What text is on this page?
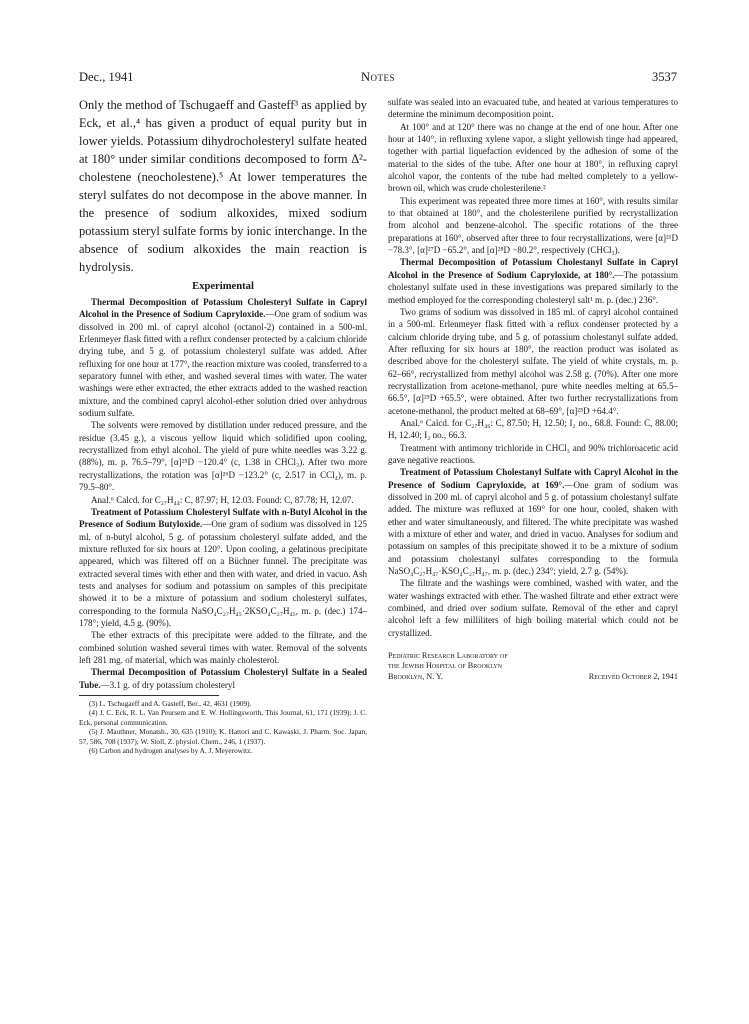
Dec., 1941	Notes	3537

Only the method of Tschugaeff and Gasteff³ as applied by Eck, et al.,⁴ has given a product of equal purity but in lower yields. Potassium dihydrocholesteryl sulfate heated at 180° under similar conditions decomposed to form Δ²-cholestene (neocholestene).⁵ At lower temperatures the steryl sulfates do not decompose in the above manner. In the presence of sodium alkoxides, mixed sodium potassium steryl sulfate forms by ionic interchange. In the absence of sodium alkoxides the main reaction is hydrolysis.

Experimental

Thermal Decomposition of Potassium Cholesteryl Sulfate in Capryl Alcohol in the Presence of Sodium Capryloxide.—One gram of sodium was dissolved in 200 ml. of capryl alcohol (octanol-2) contained in a 500-ml. Erlenmeyer flask fitted with a reflux condenser protected by a calcium chloride drying tube, and 5 g. of potassium cholesteryl sulfate was added. After refluxing for one hour at 177°, the reaction mixture was cooled, transferred to a separatory funnel with ether, and washed several times with water. The water washings were ether extracted, the ether extracts added to the washed reaction mixture, and the combined capryl alcohol-ether solution dried over anhydrous sodium sulfate.

The solvents were removed by distillation under reduced pressure, and the residue (3.45 g.), a viscous yellow liquid which solidified upon cooling, recrystallized from ethyl alcohol. The yield of pure white needles was 3.22 g. (88%), m. p. 76.5–79°, [α]²⁵D −120.4° (c, 1.38 in CHCl₃). After two more recrystallizations, the rotation was [α]²⁶D −123.2° (c, 2.517 in CCl₄), m. p. 79.5–80°.

Anal.⁶ Calcd. for C₂₇H₄₄: C, 87.97; H, 12.03. Found: C, 87.78; H, 12.07.

Treatment of Potassium Cholesteryl Sulfate with n-Butyl Alcohol in the Presence of Sodium Butyloxide.—One gram of sodium was dissolved in 125 ml. of n-butyl alcohol, 5 g. of potassium cholesteryl sulfate added, and the mixture refluxed for six hours at 120°. Upon cooling, a gelatinous precipitate appeared, which was filtered off on a Büchner funnel. The precipitate was extracted several times with ether and then with water, and dried in vacuo. Ash tests and analyses for sodium and potassium on samples of this precipitate showed it to be a mixture of potassium and sodium cholesteryl sulfates, corresponding to the formula NaSO₄C₂₇H₄₅·2KSO₄C₂₇H₄₅, m. p. (dec.) 174–178°; yield, 4.5 g. (90%).

The ether extracts of this precipitate were added to the filtrate, and the combined solution washed several times with water. Removal of the solvents left 281 mg. of material, which was mainly cholesterol.

Thermal Decomposition of Potassium Cholesteryl Sulfate in a Sealed Tube.—3.1 g. of dry potassium cholesteryl

(3) L. Tschugaeff and A. Gasteff, Ber., 42, 4631 (1909).
(4) J. C. Eck, R. L. Van Peursem and E. W. Hollingsworth, This Journal, 61, 171 (1939); J. C. Eck, personal communication.
(5) J. Mauthner, Monatsh., 30, 635 (1910); K. Hattori and C. Kawaski, J. Pharm. Soc. Japan, 57, 586, 708 (1937); W. Stoll, Z. physiol. Chem., 246, 1 (1937).
(6) Carbon and hydrogen analyses by A. J. Meyerowitz.

sulfate was sealed into an evacuated tube, and heated at various temperatures to determine the minimum decomposition point.

At 100° and at 120° there was no change at the end of one hour. After one hour at 140°, in refluxing xylene vapor, a slight yellowish tinge had appeared, together with partial liquefaction evidenced by the adhesion of some of the material to the sides of the tube. After one hour at 180°, in refluxing capryl alcohol vapor, the contents of the tube had melted completely to a yellow-brown oil, which was crude cholesterilene.²

This experiment was repeated three more times at 160°, with results similar to that obtained at 180°, and the cholesterilene purified by recrystallization from alcohol and benzene-alcohol. The specific rotations of the three preparations at 160°, observed after three to four recrystallizations, were [α]²¹D −78.3°, [α]²⁷D −65.2°, and [α]²⁸D −80.2°, respectively (CHCl₃).

Thermal Decomposition of Potassium Cholestanyl Sulfate in Capryl Alcohol in the Presence of Sodium Capryloxide, at 180°.—The potassium cholestanyl sulfate used in these investigations was prepared similarly to the method employed for the corresponding cholesteryl salt¹ m. p. (dec.) 236°.

Two grams of sodium was dissolved in 185 ml. of capryl alcohol contained in a 500-ml. Erlenmeyer flask fitted with a reflux condenser protected by a calcium chloride drying tube, and 5 g. of potassium cholestanyl sulfate added. After refluxing for six hours at 180°, the reaction product was isolated as described above for the cholesteryl sulfate. The yield of white crystals, m. p. 62–66°, recrystallized from methyl alcohol was 2.58 g. (70%). After one more recrystallization from acetone-methanol, pure white needles melting at 65.5–66.5°, [α]²⁵D +65.5°, were obtained. After two further recrystallizations from acetone-methanol, the product melted at 68–69°, [α]²⁵D +64.4°.

Anal.⁶ Calcd. for C₂₇H₄₆: C, 87.50; H, 12.50; I₂ no., 68.8. Found: C, 88.00; H, 12.40; I₂ no., 66.3.

Treatment with antimony trichloride in CHCl₃ and 90% trichloroacetic acid gave negative reactions.

Treatment of Potassium Cholestanyl Sulfate with Capryl Alcohol in the Presence of Sodium Capryloxide, at 169°.—One gram of sodium was dissolved in 200 ml. of capryl alcohol and 5 g. of potassium cholestanyl sulfate added. The mixture was refluxed at 169° for one hour, cooled, shaken with ether and water simultaneously, and filtered. The white precipitate was washed with a mixture of ether and water, and dried in vacuo. Analyses for sodium and potassium on samples of this precipitate showed it to be a mixture of sodium and potassium cholestanyl sulfates corresponding to the formula NaSO₄C₂₇H₄₇·KSO₄C₂₇H₄₇, m. p. (dec.) 234°; yield, 2.7 g. (54%).

The filtrate and the washings were combined, washed with water, and the water washings extracted with ether. The washed filtrate and ether extract were combined, and dried over sodium sulfate. Removal of the ether and capryl alcohol left a few milliliters of high boiling material which could not be crystallized.

Pediatric Research Laboratory of
the Jewish Hospital of Brooklyn
Brooklyn, N. Y.	Received October 2, 1941
